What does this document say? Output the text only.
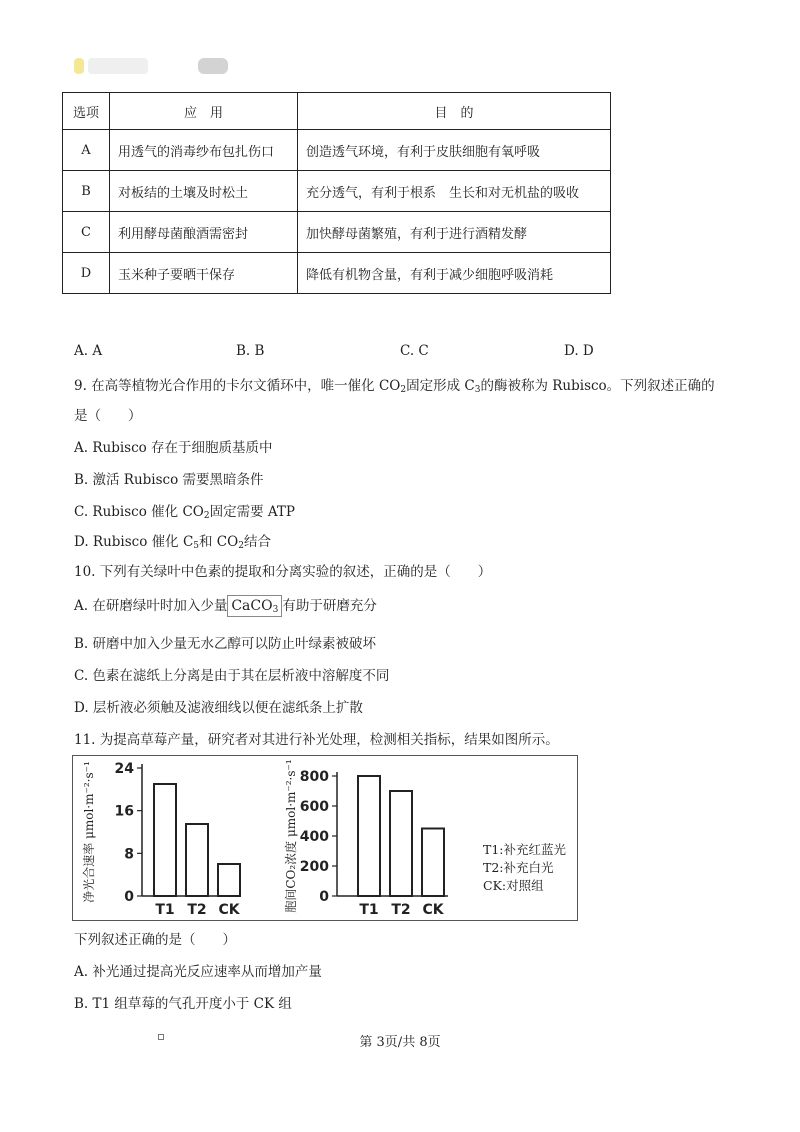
选项	应　用	目　的
A	用透气的消毒纱布包扎伤口	创造透气环境，有利于皮肤细胞有氧呼吸
B	对板结的土壤及时松土	充分透气，有利于根系　生长和对无机盐的吸收
C	利用酵母菌酿酒需密封	加快酵母菌繁殖，有利于进行酒精发酵
D	玉米种子要晒干保存	降低有机物含量，有利于减少细胞呼吸消耗
A. A	B. B	C. C	D. D
9. 在高等植物光合作用的卡尔文循环中，唯一催化 $CO_2$固定形成 $C_3$的酶被称为 Rubisco。下列叙述正确的
是（　　）
A. Rubisco 存在于细胞质基质中
B. 激活 Rubisco 需要黑暗条件
C. Rubisco 催化 $CO_2$固定需要 ATP
D. Rubisco 催化 $C_5$和 $CO_2$结合
10. 下列有关绿叶中色素的提取和分离实验的叙述，正确的是（　　）
A. 在研磨绿叶时加入少量 CaCO$_3$ 有助于研磨充分
B. 研磨中加入少量无水乙醇可以防止叶绿素被破坏
C. 色素在滤纸上分离是由于其在层析液中溶解度不同
D. 层析液必须触及滤液细线以便在滤纸条上扩散
11. 为提高草莓产量，研究者对其进行补光处理，检测相关指标，结果如图所示。
0
8
16
24
T1 T2 CK
净光合速率 μmol·m⁻²·s⁻¹	0
200
400
600
800
T1 T2 CK
胞间CO₂浓度 μmol·m⁻²·s⁻¹	T1:补充红蓝光
T2:补充白光
CK:对照组
下列叙述正确的是（　　）
A. 补光通过提高光反应速率从而增加产量
B. T1 组草莓的气孔开度小于 CK 组
第 3页/共 8页
